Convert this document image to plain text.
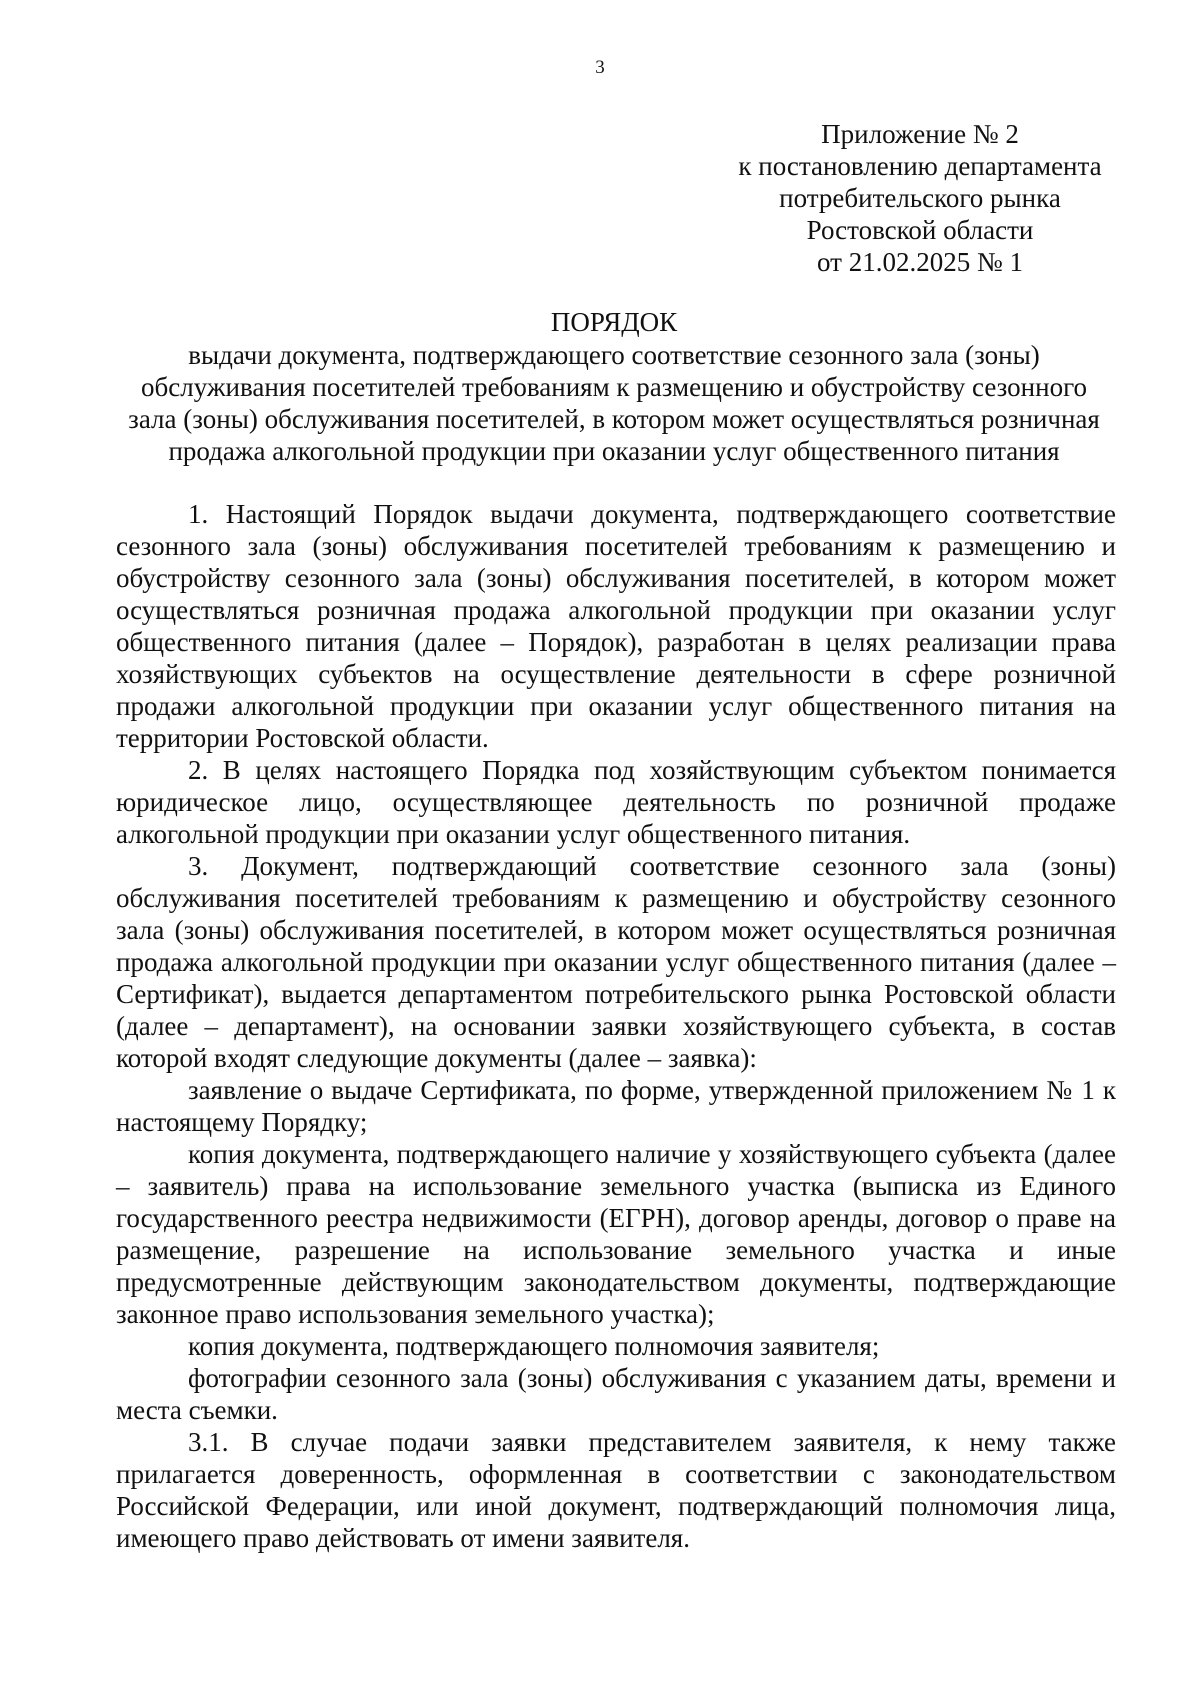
3
Приложение № 2
к постановлению департамента
потребительского рынка
Ростовской области
от 21.02.2025 № 1
ПОРЯДОК
выдачи документа, подтверждающего соответствие сезонного зала (зоны)
обслуживания посетителей требованиям к размещению и обустройству сезонного
зала (зоны) обслуживания посетителей, в котором может осуществляться розничная
продажа алкогольной продукции при оказании услуг общественного питания

1. Настоящий Порядок выдачи документа, подтверждающего соответствие сезонного зала (зоны) обслуживания посетителей требованиям к размещению и обустройству сезонного зала (зоны) обслуживания посетителей, в котором может осуществляться розничная продажа алкогольной продукции при оказании услуг общественного питания (далее – Порядок), разработан в целях реализации права хозяйствующих субъектов на осуществление деятельности в сфере розничной продажи алкогольной продукции при оказании услуг общественного питания на территории Ростовской области.

2. В целях настоящего Порядка под хозяйствующим субъектом понимается юридическое лицо, осуществляющее деятельность по розничной продаже алкогольной продукции при оказании услуг общественного питания.

3. Документ, подтверждающий соответствие сезонного зала (зоны) обслуживания посетителей требованиям к размещению и обустройству сезонного зала (зоны) обслуживания посетителей, в котором может осуществляться розничная продажа алкогольной продукции при оказании услуг общественного питания (далее – Сертификат), выдается департаментом потребительского рынка Ростовской области (далее – департамент), на основании заявки хозяйствующего субъекта, в состав которой входят следующие документы (далее – заявка):

заявление о выдаче Сертификата, по форме, утвержденной приложением № 1 к настоящему Порядку;

копия документа, подтверждающего наличие у хозяйствующего субъекта (далее – заявитель) права на использование земельного участка (выписка из Единого государственного реестра недвижимости (ЕГРН), договор аренды, договор о праве на размещение, разрешение на использование земельного участка и иные предусмотренные действующим законодательством документы, подтверждающие законное право использования земельного участка);

копия документа, подтверждающего полномочия заявителя;

фотографии сезонного зала (зоны) обслуживания с указанием даты, времени и места съемки.

3.1. В случае подачи заявки представителем заявителя, к нему также прилагается доверенность, оформленная в соответствии с законодательством Российской Федерации, или иной документ, подтверждающий полномочия лица, имеющего право действовать от имени заявителя.
